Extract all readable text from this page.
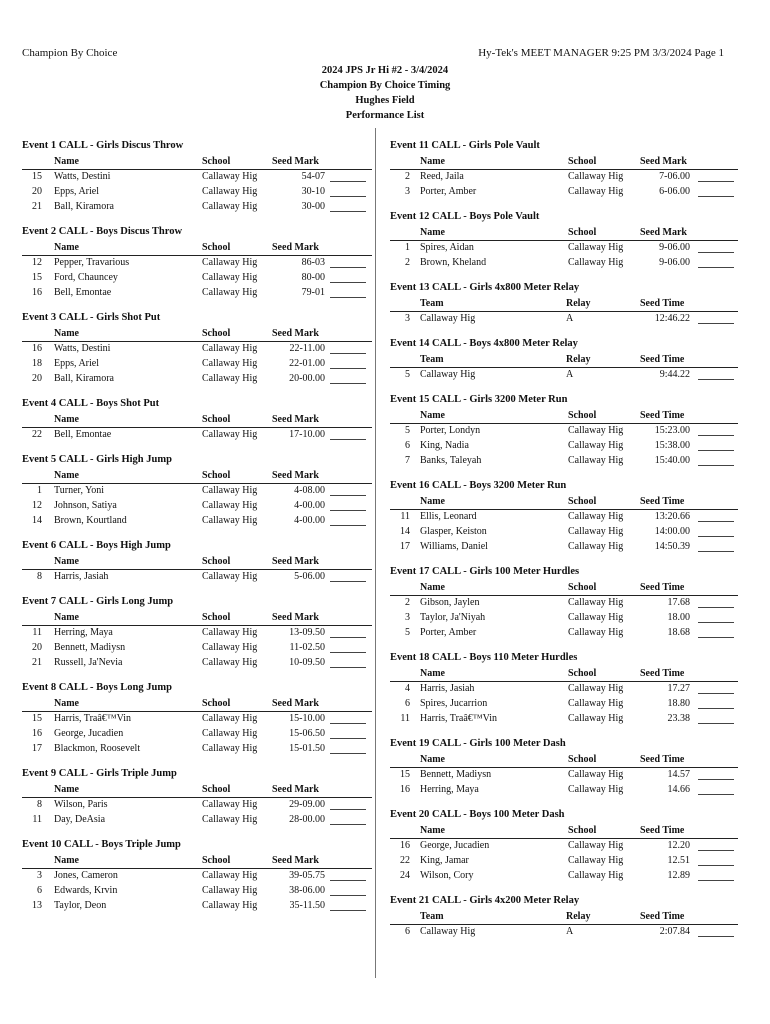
Champion By Choice	Hy-Tek's MEET MANAGER 9:25 PM 3/3/2024 Page 1
2024 JPS Jr Hi #2 - 3/4/2024
Champion By Choice Timing
Hughes Field
Performance List
Event 1 CALL - Girls Discus Throw
Name	School	Seed Mark
15 Watts, Destini	Callaway Hig	54-07
20 Epps, Ariel	Callaway Hig	30-10
21 Ball, Kiramora	Callaway Hig	30-00
Event 2 CALL - Boys Discus Throw
Name	School	Seed Mark
12 Pepper, Travarious	Callaway Hig	86-03
15 Ford, Chauncey	Callaway Hig	80-00
16 Bell, Emontae	Callaway Hig	79-01
Event 3 CALL - Girls Shot Put
Name	School	Seed Mark
16 Watts, Destini	Callaway Hig	22-11.00
18 Epps, Ariel	Callaway Hig	22-01.00
20 Ball, Kiramora	Callaway Hig	20-00.00
Event 4 CALL - Boys Shot Put
Name	School	Seed Mark
22 Bell, Emontae	Callaway Hig	17-10.00
Event 5 CALL - Girls High Jump
Name	School	Seed Mark
1 Turner, Yoni	Callaway Hig	4-08.00
12 Johnson, Satiya	Callaway Hig	4-00.00
14 Brown, Kourtland	Callaway Hig	4-00.00
Event 6 CALL - Boys High Jump
Name	School	Seed Mark
8 Harris, Jasiah	Callaway Hig	5-06.00
Event 7 CALL - Girls Long Jump
Name	School	Seed Mark
11 Herring, Maya	Callaway Hig	13-09.50
20 Bennett, Madiysn	Callaway Hig	11-02.50
21 Russell, Ja'Nevia	Callaway Hig	10-09.50
Event 8 CALL - Boys Long Jump
Name	School	Seed Mark
15 Harris, Traâ€™Vin	Callaway Hig	15-10.00
16 George, Jucadien	Callaway Hig	15-06.50
17 Blackmon, Roosevelt	Callaway Hig	15-01.50
Event 9 CALL - Girls Triple Jump
Name	School	Seed Mark
8 Wilson, Paris	Callaway Hig	29-09.00
11 Day, DeAsia	Callaway Hig	28-00.00
Event 10 CALL - Boys Triple Jump
Name	School	Seed Mark
3 Jones, Cameron	Callaway Hig	39-05.75
6 Edwards, Krvin	Callaway Hig	38-06.00
13 Taylor, Deon	Callaway Hig	35-11.50
Event 11 CALL - Girls Pole Vault
Name	School	Seed Mark
2 Reed, Jaila	Callaway Hig	7-06.00
3 Porter, Amber	Callaway Hig	6-06.00
Event 12 CALL - Boys Pole Vault
Name	School	Seed Mark
1 Spires, Aidan	Callaway Hig	9-06.00
2 Brown, Kheland	Callaway Hig	9-06.00
Event 13 CALL - Girls 4x800 Meter Relay
Team	Relay	Seed Time
3 Callaway Hig	A	12:46.22
Event 14 CALL - Boys 4x800 Meter Relay
Team	Relay	Seed Time
5 Callaway Hig	A	9:44.22
Event 15 CALL - Girls 3200 Meter Run
Name	School	Seed Time
5 Porter, Londyn	Callaway Hig	15:23.00
6 King, Nadia	Callaway Hig	15:38.00
7 Banks, Taleyah	Callaway Hig	15:40.00
Event 16 CALL - Boys 3200 Meter Run
Name	School	Seed Time
11 Ellis, Leonard	Callaway Hig	13:20.66
14 Glasper, Keiston	Callaway Hig	14:00.00
17 Williams, Daniel	Callaway Hig	14:50.39
Event 17 CALL - Girls 100 Meter Hurdles
Name	School	Seed Time
2 Gibson, Jaylen	Callaway Hig	17.68
3 Taylor, Ja'Niyah	Callaway Hig	18.00
5 Porter, Amber	Callaway Hig	18.68
Event 18 CALL - Boys 110 Meter Hurdles
Name	School	Seed Time
4 Harris, Jasiah	Callaway Hig	17.27
6 Spires, Jucarrion	Callaway Hig	18.80
11 Harris, Traâ€™Vin	Callaway Hig	23.38
Event 19 CALL - Girls 100 Meter Dash
Name	School	Seed Time
15 Bennett, Madiysn	Callaway Hig	14.57
16 Herring, Maya	Callaway Hig	14.66
Event 20 CALL - Boys 100 Meter Dash
Name	School	Seed Time
16 George, Jucadien	Callaway Hig	12.20
22 King, Jamar	Callaway Hig	12.51
24 Wilson, Cory	Callaway Hig	12.89
Event 21 CALL - Girls 4x200 Meter Relay
Team	Relay	Seed Time
6 Callaway Hig	A	2:07.84
